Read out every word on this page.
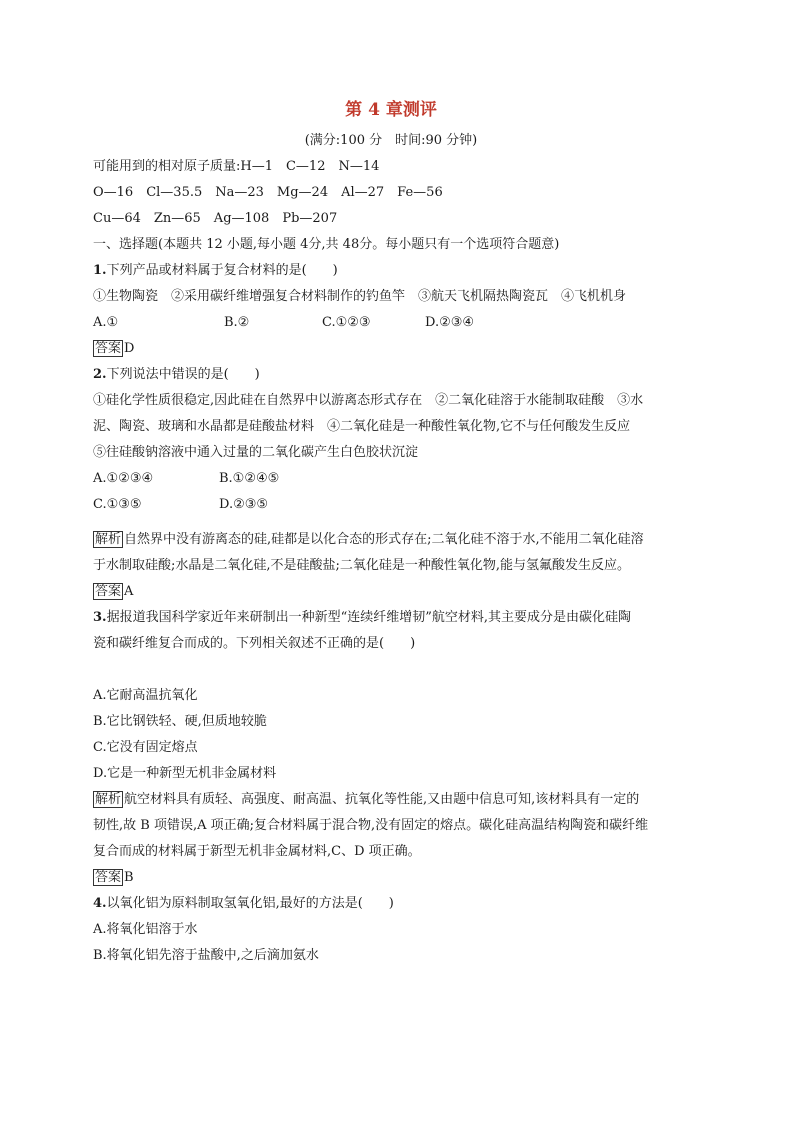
第 4 章测评
(满分:100 分　时间:90 分钟)
可能用到的相对原子质量:H—1　C—12　N—14
O—16　Cl—35.5　Na—23　Mg—24　Al—27　Fe—56
Cu—64　Zn—65　Ag—108　Pb—207
一、选择题(本题共 12 小题,每小题 4分,共 48分。每小题只有一个选项符合题意)
1.下列产品或材料属于复合材料的是(　　)
①生物陶瓷　②采用碳纤维增强复合材料制作的钓鱼竿　③航天飞机隔热陶瓷瓦　④飞机机身
A.①	B.②	C.①②③	D.②③④
答案 D
2.下列说法中错误的是(　　)
①硅化学性质很稳定,因此硅在自然界中以游离态形式存在　②二氧化硅溶于水能制取硅酸　③水
泥、陶瓷、玻璃和水晶都是硅酸盐材料　④二氧化硅是一种酸性氧化物,它不与任何酸发生反应
⑤往硅酸钠溶液中通入过量的二氧化碳产生白色胶状沉淀
A.①②③④	B.①②④⑤
C.①③⑤	D.②③⑤
解析 自然界中没有游离态的硅,硅都是以化合态的形式存在;二氧化硅不溶于水,不能用二氧化硅溶
于水制取硅酸;水晶是二氧化硅,不是硅酸盐;二氧化硅是一种酸性氧化物,能与氢氟酸发生反应。
答案 A
3.据报道我国科学家近年来研制出一种新型“连续纤维增韧”航空材料,其主要成分是由碳化硅陶
瓷和碳纤维复合而成的。下列相关叙述不正确的是(　　)
A.它耐高温抗氧化
B.它比钢铁轻、硬,但质地较脆
C.它没有固定熔点
D.它是一种新型无机非金属材料
解析 航空材料具有质轻、高强度、耐高温、抗氧化等性能,又由题中信息可知,该材料具有一定的
韧性,故 B 项错误,A 项正确;复合材料属于混合物,没有固定的熔点。碳化硅高温结构陶瓷和碳纤维
复合而成的材料属于新型无机非金属材料,C、D 项正确。
答案 B
4.以氧化铝为原料制取氢氧化铝,最好的方法是(　　)
A.将氧化铝溶于水
B.将氧化铝先溶于盐酸中,之后滴加氨水
